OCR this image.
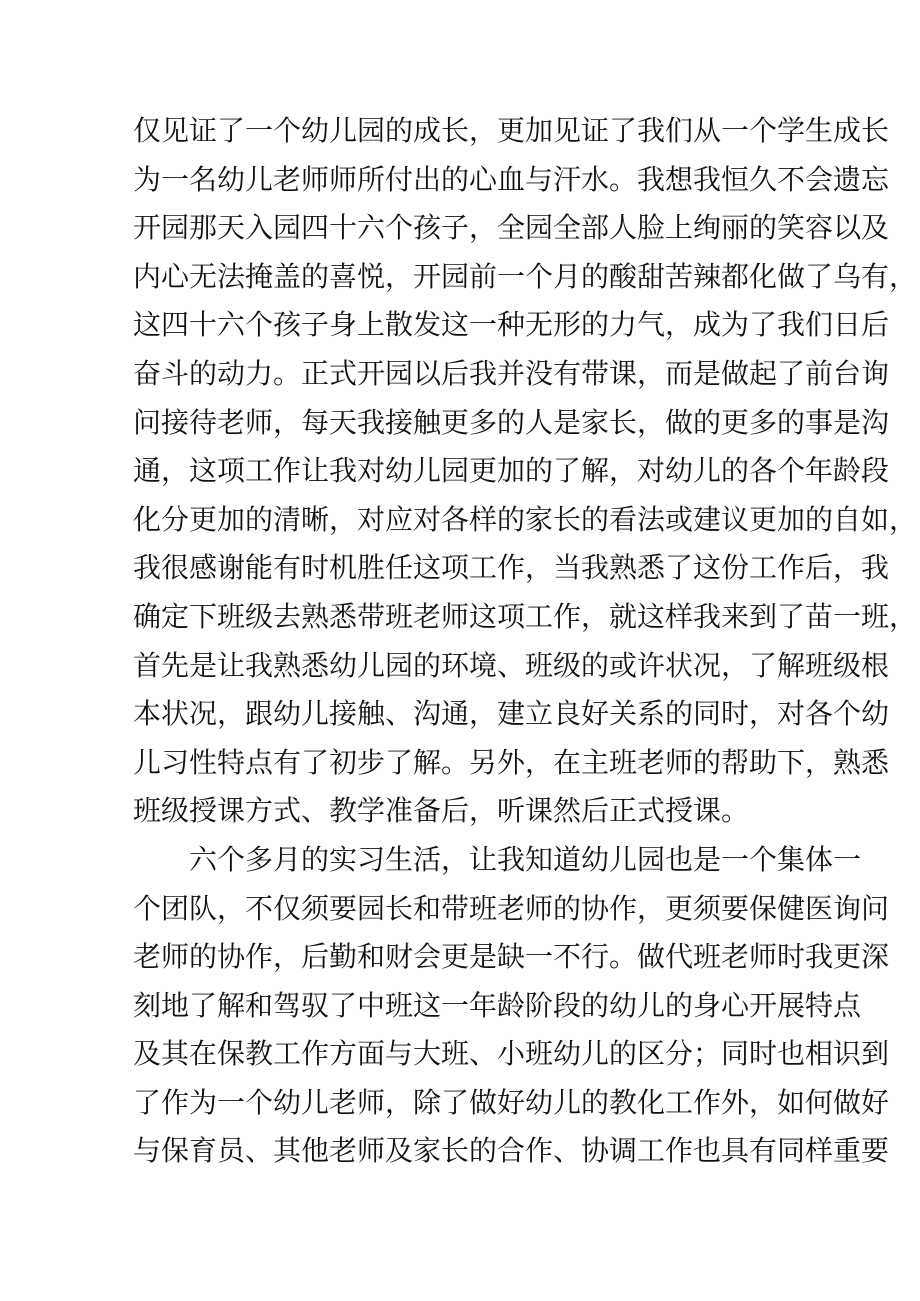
仅见证了一个幼儿园的成长，更加见证了我们从一个学生成长
为一名幼儿老师师所付出的心血与汗水。我想我恒久不会遗忘
开园那天入园四十六个孩子，全园全部人脸上绚丽的笑容以及
内心无法掩盖的喜悦，开园前一个月的酸甜苦辣都化做了乌有，
这四十六个孩子身上散发这一种无形的力气，成为了我们日后
奋斗的动力。正式开园以后我并没有带课，而是做起了前台询
问接待老师，每天我接触更多的人是家长，做的更多的事是沟
通，这项工作让我对幼儿园更加的了解，对幼儿的各个年龄段
化分更加的清晰，对应对各样的家长的看法或建议更加的自如，
我很感谢能有时机胜任这项工作，当我熟悉了这份工作后，我
确定下班级去熟悉带班老师这项工作，就这样我来到了苗一班，
首先是让我熟悉幼儿园的环境、班级的或许状况，了解班级根
本状况，跟幼儿接触、沟通，建立良好关系的同时，对各个幼
儿习性特点有了初步了解。另外，在主班老师的帮助下，熟悉
班级授课方式、教学准备后，听课然后正式授课。
六个多月的实习生活，让我知道幼儿园也是一个集体一
个团队，不仅须要园长和带班老师的协作，更须要保健医询问
老师的协作，后勤和财会更是缺一不行。做代班老师时我更深
刻地了解和驾驭了中班这一年龄阶段的幼儿的身心开展特点
及其在保教工作方面与大班、小班幼儿的区分；同时也相识到
了作为一个幼儿老师，除了做好幼儿的教化工作外，如何做好
与保育员、其他老师及家长的合作、协调工作也具有同样重要
